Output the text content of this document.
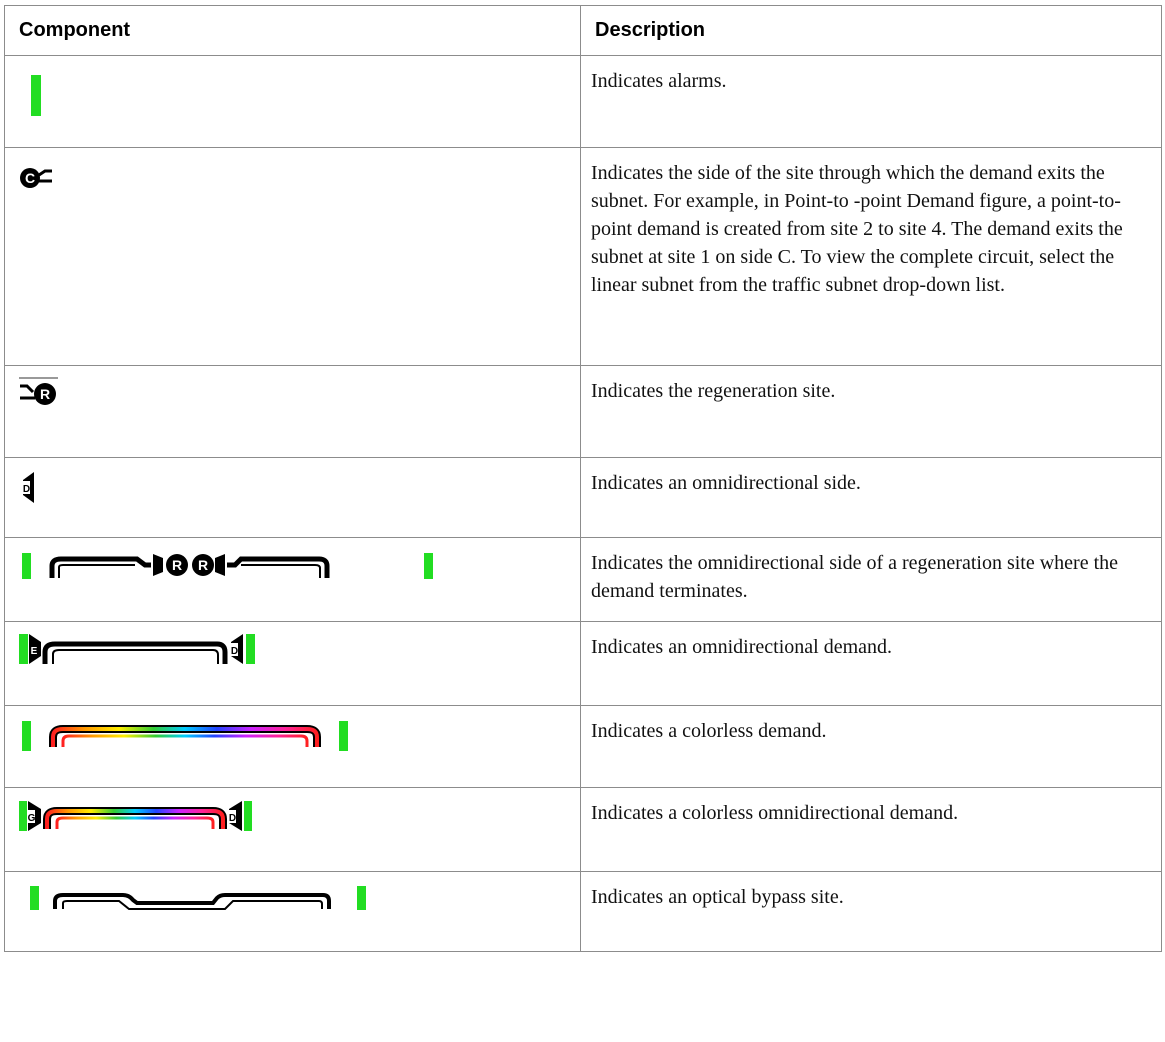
Component	Description

	Indicates alarms.

C	Indicates the side of the site through which the demand exits the subnet. For example, in Point-to -point Demand figure, a point-to-point demand is created from site 2 to site 4. The demand exits the subnet at site 1 on side C. To view the complete circuit, select the linear subnet from the traffic subnet drop-down list.

R	Indicates the regeneration site.

D	Indicates an omnidirectional side.

R R	Indicates the omnidirectional side of a regeneration site where the demand terminates.

E D	Indicates an omnidirectional demand.

	Indicates a colorless demand.

G D	Indicates a colorless omnidirectional demand.

	Indicates an optical bypass site.
